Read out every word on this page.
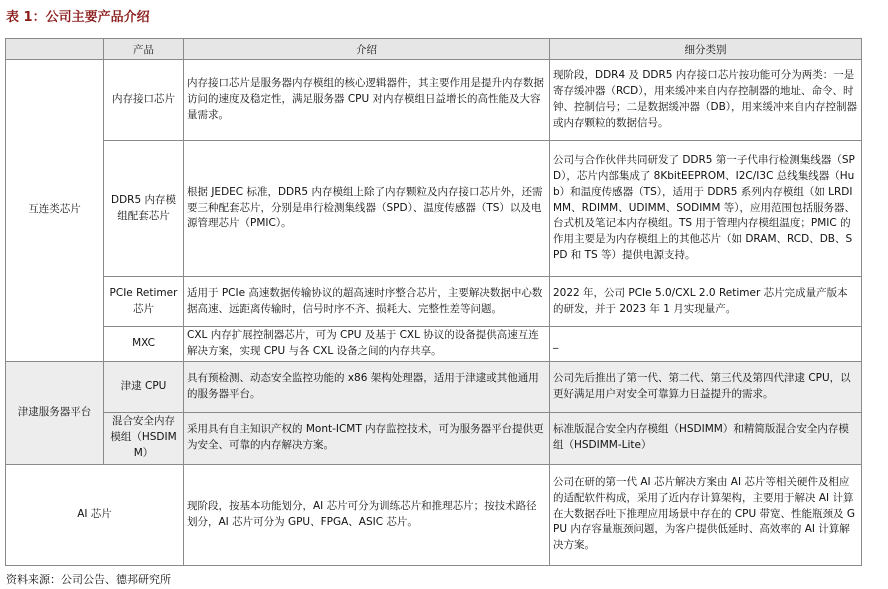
表 1：公司主要产品介绍
	产品	介绍	细分类别
互连类芯片	内存接口芯片	内存接口芯片是服务器内存模组的核心逻辑器件，其主要作用是提升内存数据访问的速度及稳定性，满足服务器 CPU 对内存模组日益增长的高性能及大容量需求。	现阶段，DDR4 及 DDR5 内存接口芯片按功能可分为两类：一是寄存缓冲器（RCD），用来缓冲来自内存控制器的地址、命令、时钟、控制信号；二是数据缓冲器（DB），用来缓冲来自内存控制器或内存颗粒的数据信号。
	DDR5 内存模组配套芯片	根据 JEDEC 标准，DDR5 内存模组上除了内存颗粒及内存接口芯片外，还需要三种配套芯片，分别是串行检测集线器（SPD）、温度传感器（TS）以及电源管理芯片（PMIC）。	公司与合作伙伴共同研发了 DDR5 第一子代串行检测集线器（SPD），芯片内部集成了 8KbitEEPROM、I2C/I3C 总线集线器（Hub）和温度传感器（TS），适用于 DDR5 系列内存模组（如 LRDIMM、RDIMM、UDIMM、SODIMM 等），应用范围包括服务器、台式机及笔记本内存模组。TS 用于管理内存模组温度；PMIC 的作用主要是为内存模组上的其他芯片（如 DRAM、RCD、DB、SPD 和 TS 等）提供电源支持。
	PCIe Retimer 芯片	适用于 PCIe 高速数据传输协议的超高速时序整合芯片，主要解决数据中心数据高速、远距离传输时，信号时序不齐、损耗大、完整性差等问题。	2022 年，公司 PCIe 5.0/CXL 2.0 Retimer 芯片完成量产版本的研发，并于 2023 年 1 月实现量产。
	MXC	CXL 内存扩展控制器芯片，可为 CPU 及基于 CXL 协议的设备提供高速互连解决方案，实现 CPU 与各 CXL 设备之间的内存共享。	_
津逮服务器平台	津逮 CPU	具有预检测、动态安全监控功能的 x86 架构处理器，适用于津逮或其他通用的服务器平台。	公司先后推出了第一代、第二代、第三代及第四代津逮 CPU，以更好满足用户对安全可靠算力日益提升的需求。
	混合安全内存模组（HSDIMM）	采用具有自主知识产权的 Mont-ICMT 内存监控技术，可为服务器平台提供更为安全、可靠的内存解决方案。	标准版混合安全内存模组（HSDIMM）和精简版混合安全内存模组（HSDIMM-Lite）
AI 芯片		现阶段，按基本功能划分，AI 芯片可分为训练芯片和推理芯片；按技术路径划分，AI 芯片可分为 GPU、FPGA、ASIC 芯片。	公司在研的第一代 AI 芯片解决方案由 AI 芯片等相关硬件及相应的适配软件构成，采用了近内存计算架构，主要用于解决 AI 计算在大数据吞吐下推理应用场景中存在的 CPU 带宽、性能瓶颈及 GPU 内存容量瓶颈问题，为客户提供低延时、高效率的 AI 计算解决方案。
资料来源：公司公告、德邦研究所
